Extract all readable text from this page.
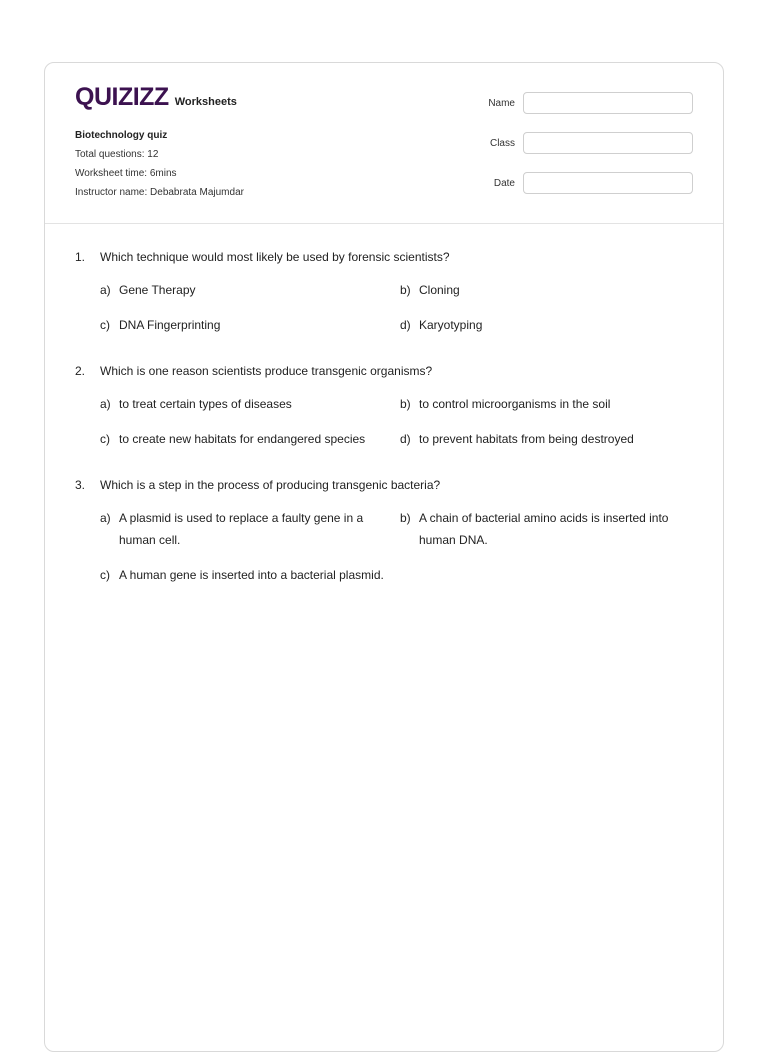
QUIZIZZ Worksheets
Biotechnology quiz
Total questions: 12
Worksheet time: 6mins
Instructor name: Debabrata Majumdar
Name
Class
Date
1.	Which technique would most likely be used by forensic scientists?
a) Gene Therapy	b) Cloning
c) DNA Fingerprinting	d) Karyotyping
2.	Which is one reason scientists produce transgenic organisms?
a) to treat certain types of diseases	b) to control microorganisms in the soil
c) to create new habitats for endangered species	d) to prevent habitats from being destroyed
3.	Which is a step in the process of producing transgenic bacteria?
a) A plasmid is used to replace a faulty gene in a human cell.
b) A chain of bacterial amino acids is inserted into human DNA.
c) A human gene is inserted into a bacterial plasmid.
